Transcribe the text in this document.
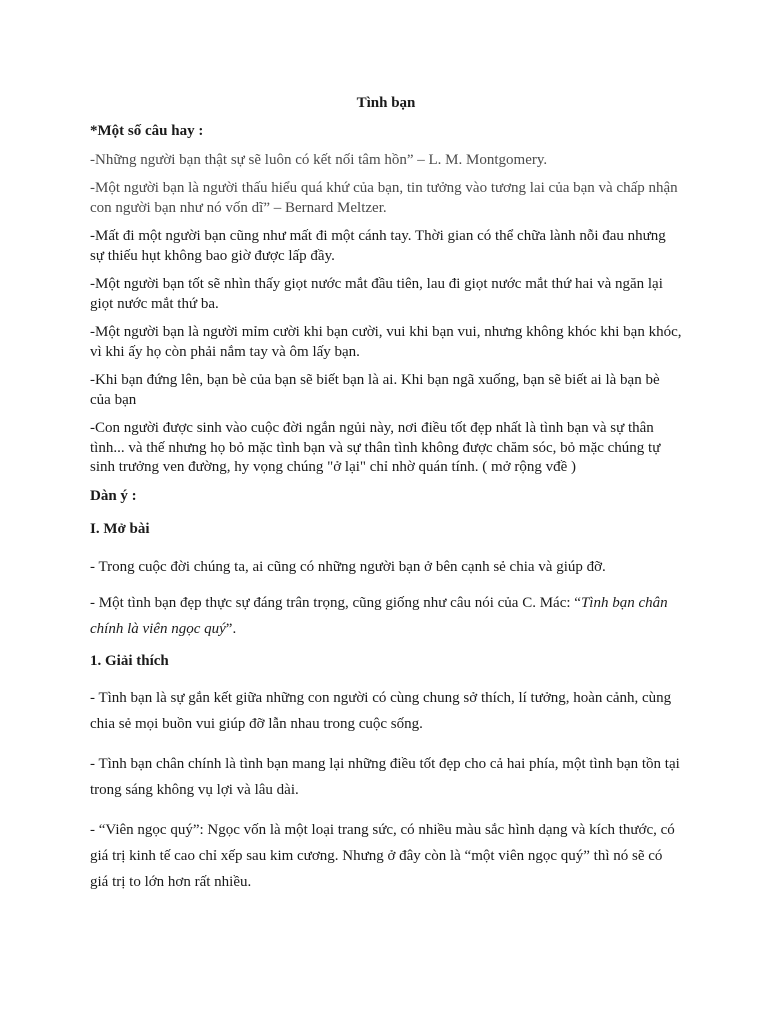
Tình bạn
*Một số câu hay :
-Những người bạn thật sự sẽ luôn có kết nối tâm hồn” – L. M. Montgomery.
-Một người bạn là người thấu hiểu quá khứ của bạn, tin tưởng vào tương lai của bạn và chấp nhận con người bạn như nó vốn dĩ” – Bernard Meltzer.
-Mất đi một người bạn cũng như mất đi một cánh tay. Thời gian có thể chữa lành nỗi đau nhưng sự thiếu hụt không bao giờ được lấp đầy.
-Một người bạn tốt sẽ nhìn thấy giọt nước mắt đầu tiên, lau đi giọt nước mắt thứ hai và ngăn lại giọt nước mắt thứ ba.
-Một người bạn là người mỉm cười khi bạn cười, vui khi bạn vui, nhưng không khóc khi bạn khóc, vì khi ấy họ còn phải nắm tay và ôm lấy bạn.
-Khi bạn đứng lên, bạn bè của bạn sẽ biết bạn là ai. Khi bạn ngã xuống, bạn sẽ biết ai là bạn bè của bạn
-Con người được sinh vào cuộc đời ngắn ngủi này, nơi điều tốt đẹp nhất là tình bạn và sự thân tình... và thế nhưng họ bỏ mặc tình bạn và sự thân tình không được chăm sóc, bỏ mặc chúng tự sinh trưởng ven đường, hy vọng chúng "ở lại" chỉ nhờ quán tính. ( mở rộng vđề )
Dàn ý :
I. Mở bài
- Trong cuộc đời chúng ta, ai cũng có những người bạn ở bên cạnh sẻ chia và giúp đỡ.
- Một tình bạn đẹp thực sự đáng trân trọng, cũng giống như câu nói của C. Mác: “Tình bạn chân chính là viên ngọc quý”.
1. Giải thích
- Tình bạn là sự gắn kết giữa những con người có cùng chung sở thích, lí tưởng, hoàn cảnh, cùng chia sẻ mọi buồn vui giúp đỡ lẫn nhau trong cuộc sống.
- Tình bạn chân chính là tình bạn mang lại những điều tốt đẹp cho cả hai phía, một tình bạn tồn tại trong sáng không vụ lợi và lâu dài.
- “Viên ngọc quý”: Ngọc vốn là một loại trang sức, có nhiều màu sắc hình dạng và kích thước, có giá trị kinh tế cao chỉ xếp sau kim cương. Nhưng ở đây còn là “một viên ngọc quý” thì nó sẽ có giá trị to lớn hơn rất nhiều.
